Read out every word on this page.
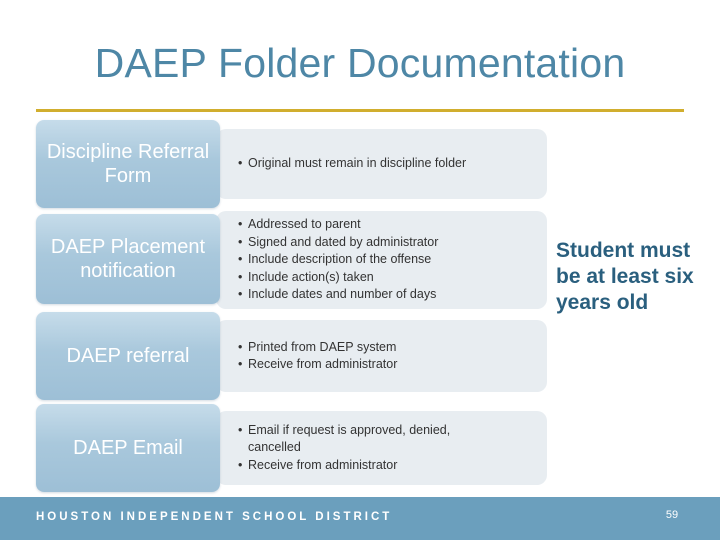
DAEP Folder Documentation
• Original must remain in discipline folder
Discipline Referral Form
• Addressed to parent
• Signed and dated by administrator
• Include description of the offense
• Include action(s) taken
• Include dates and number of days
DAEP Placement notification
• Printed from DAEP system
• Receive from administrator
DAEP referral
• Email if request is approved, denied, cancelled
• Receive from administrator
DAEP Email
Student must be at least six years old
HOUSTON INDEPENDENT SCHOOL DISTRICT	59
